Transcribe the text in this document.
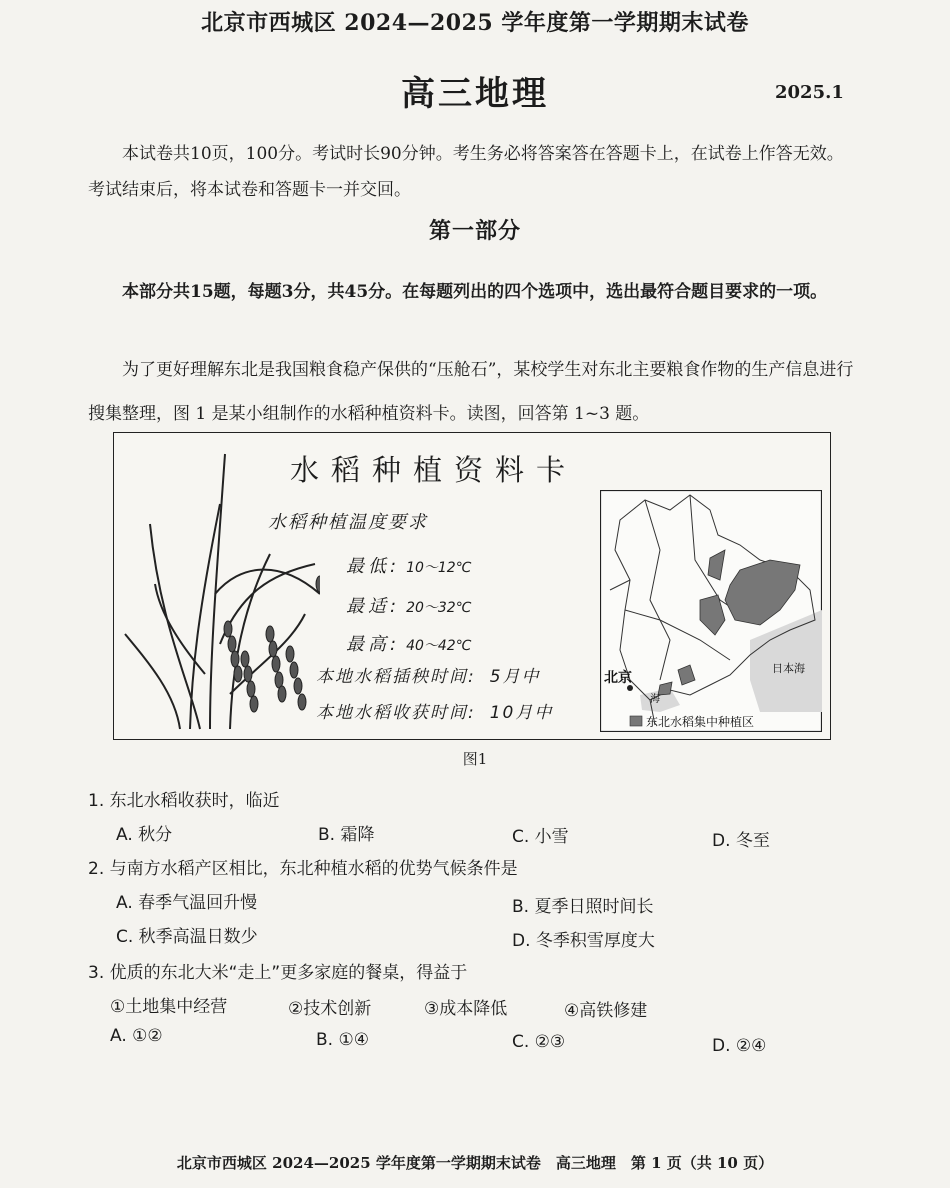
北京市西城区 2024—2025 学年度第一学期期末试卷
高三地理	2025.1
本试卷共10页，100分。考试时长90分钟。考生务必将答案答在答题卡上，在试卷上作答无效。考试结束后，将本试卷和答题卡一并交回。
第一部分
本部分共15题，每题3分，共45分。在每题列出的四个选项中，选出最符合题目要求的一项。
为了更好理解东北是我国粮食稳产保供的“压舱石”，某校学生对东北主要粮食作物的生产信息进行搜集整理，图 1 是某小组制作的水稻种植资料卡。读图，回答第 1~3 题。
水稻种植资料卡
水稻种植温度要求
最低: 10～12℃
最适: 20～32℃
最高: 40～42℃
本地水稻插秧时间: 5月中
本地水稻收获时间: 10月中
北京	日本海
海
东北水稻集中种植区
图1
1. 东北水稻收获时，临近
A. 秋分	B. 霜降	C. 小雪	D. 冬至
2. 与南方水稻产区相比，东北种植水稻的优势气候条件是
A. 春季气温回升慢	B. 夏季日照时间长
C. 秋季高温日数少	D. 冬季积雪厚度大
3. 优质的东北大米“走上”更多家庭的餐桌，得益于
①土地集中经营	②技术创新	③成本降低	④高铁修建
A. ①②	B. ①④	C. ②③	D. ②④
北京市西城区 2024—2025 学年度第一学期期末试卷　高三地理　第 1 页（共 10 页）
